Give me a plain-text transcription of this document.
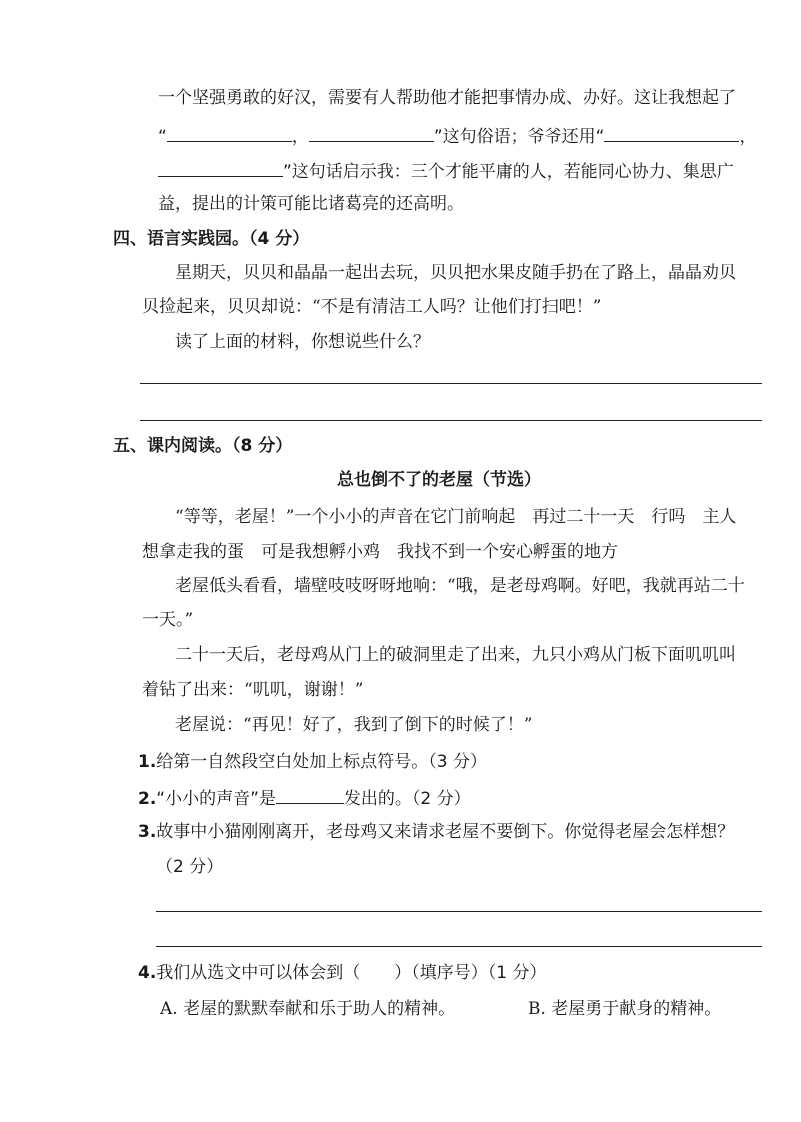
一个坚强勇敢的好汉，需要有人帮助他才能把事情办成、办好。这让我想起了
“	，	”这句俗语；爷爷还用“	，
”这句话启示我：三个才能平庸的人，若能同心协力、集思广
益，提出的计策可能比诸葛亮的还高明。
四、语言实践园。（4 分）
星期天，贝贝和晶晶一起出去玩，贝贝把水果皮随手扔在了路上，晶晶劝贝
贝捡起来，贝贝却说：“不是有清洁工人吗？让他们打扫吧！”
读了上面的材料，你想说些什么？
五、课内阅读。（8 分）
总也倒不了的老屋（节选）
“等等，老屋！”一个小小的声音在它门前响起　再过二十一天　行吗　主人
想拿走我的蛋　可是我想孵小鸡　我找不到一个安心孵蛋的地方
老屋低头看看，墙壁吱吱呀呀地响：“哦，是老母鸡啊。好吧，我就再站二十
一天。”
二十一天后，老母鸡从门上的破洞里走了出来，九只小鸡从门板下面叽叽叫
着钻了出来：“叽叽，谢谢！”
老屋说：“再见！好了，我到了倒下的时候了！”
1.给第一自然段空白处加上标点符号。（3 分）
2.“小小的声音”是	发出的。（2 分）
3.故事中小猫刚刚离开，老母鸡又来请求老屋不要倒下。你觉得老屋会怎样想？
（2 分）
4.我们从选文中可以体会到（　　）（填序号）（1 分）
A. 老屋的默默奉献和乐于助人的精神。	B. 老屋勇于献身的精神。
